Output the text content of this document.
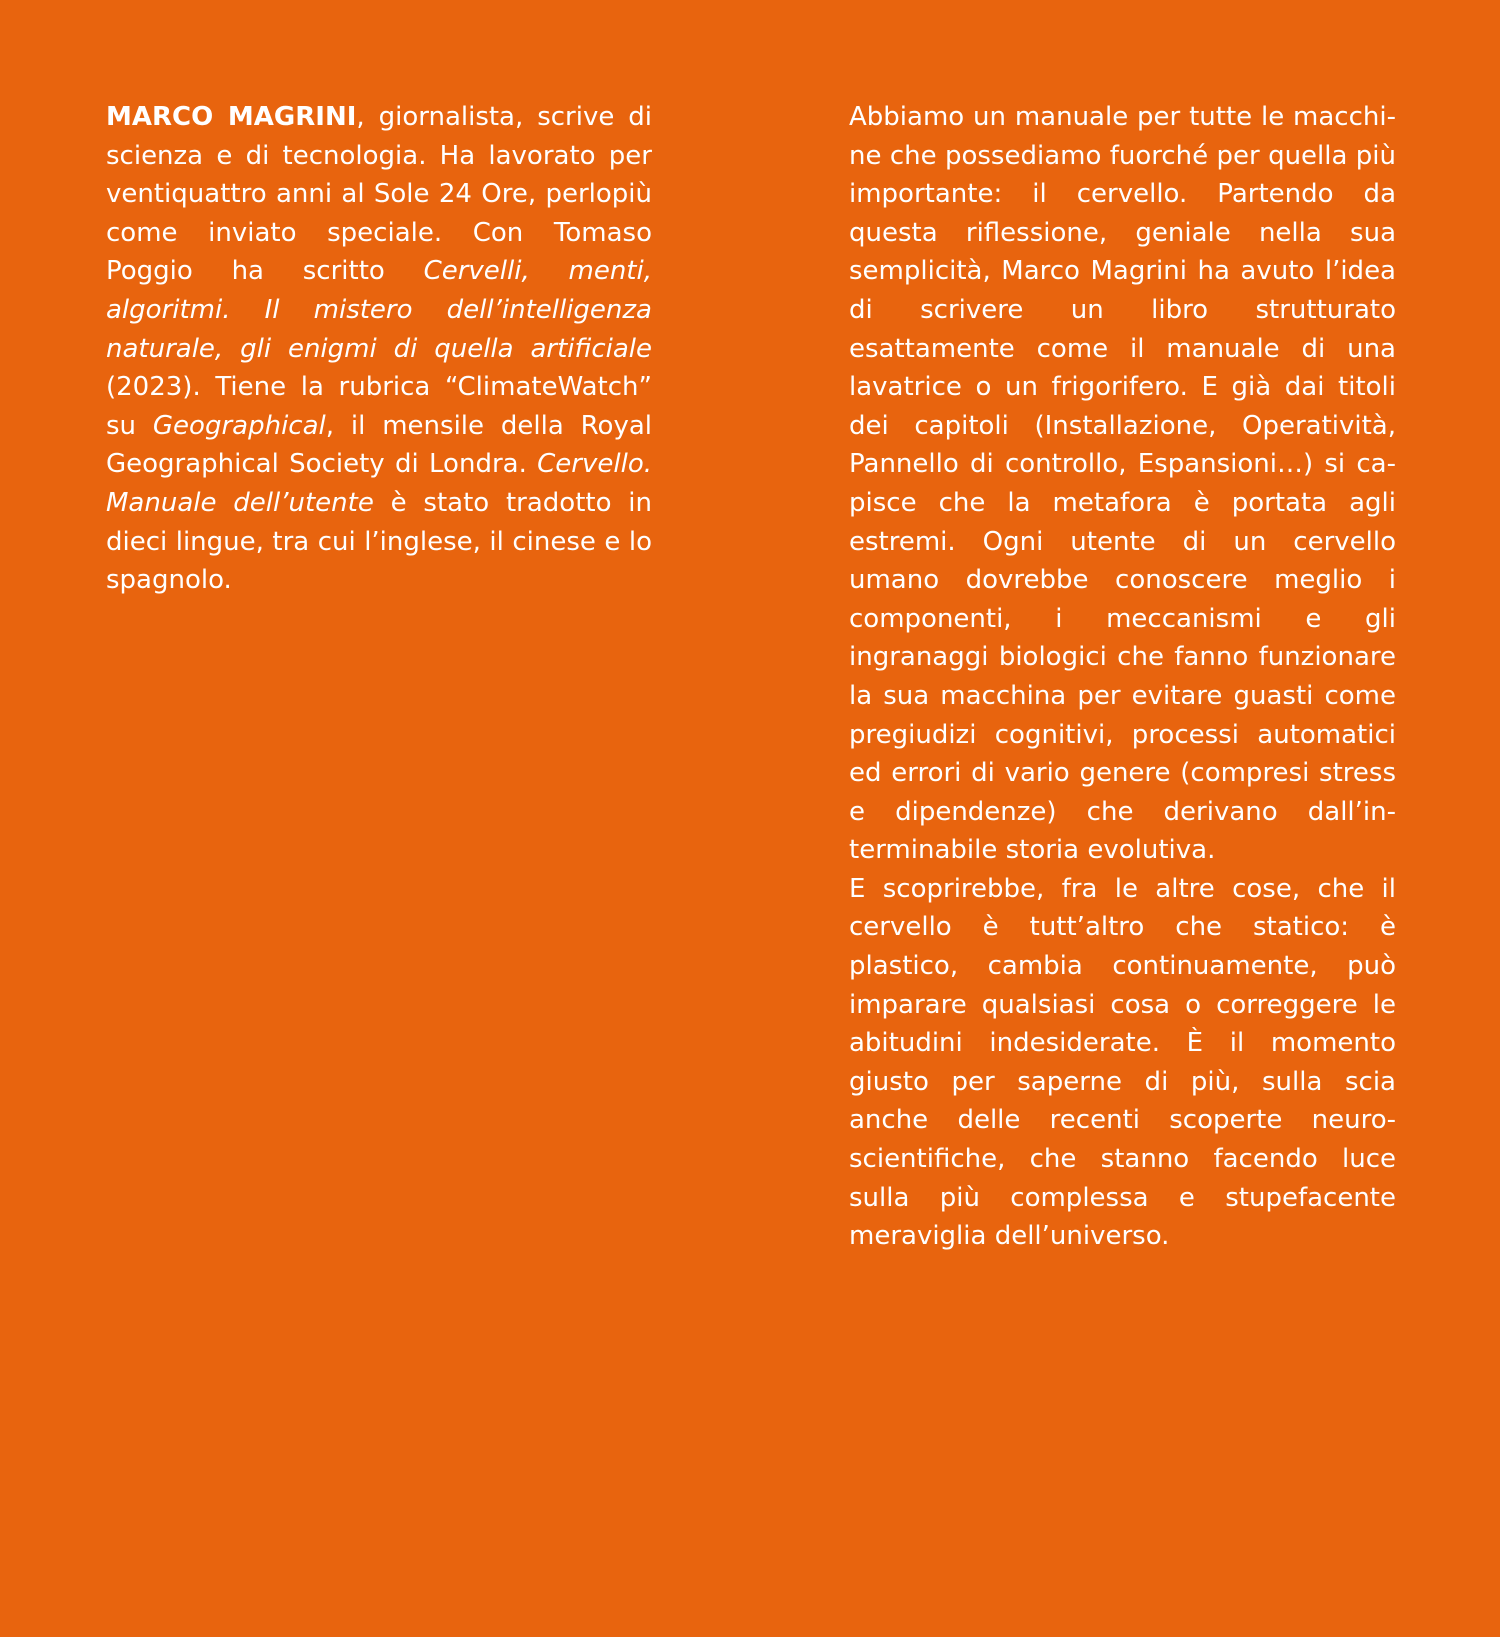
MARCO MAGRINI, giornalista, scrive di scienza e di tecnologia. Ha lavorato per ventiquattro anni al Sole 24 Ore, perlopiù come inviato speciale. Con Tomaso Poggio ha scritto Cervelli, menti, algoritmi. Il mistero dell’intelligenza naturale, gli enigmi di quella artificiale (2023). Tiene la rubrica “ClimateWatch” su Geographical, il mensile della Royal Geographical Society di Londra. Cervello. Manuale dell’utente è stato tradotto in dieci lingue, tra cui l’inglese, il cinese e lo spagnolo.

Abbiamo un manuale per tutte le macchine che possediamo fuorché per quella più importante: il cervello. Partendo da questa riflessione, geniale nella sua semplicità, Marco Magrini ha avuto l’idea di scrivere un libro strutturato esattamente come il manuale di una lavatrice o un frigorifero. E già dai titoli dei capitoli (Installazione, Operatività, Pannello di controllo, Espansioni…) si capisce che la metafora è portata agli estremi. Ogni utente di un cervello umano dovrebbe conoscere meglio i componenti, i meccanismi e gli ingranaggi biologici che fanno funzionare la sua macchina per evitare guasti come pregiudizi cognitivi, processi automatici ed errori di vario genere (compresi stress e dipendenze) che derivano dall’interminabile storia evolutiva.

E scoprirebbe, fra le altre cose, che il cervello è tutt’altro che statico: è plastico, cambia continuamente, può imparare qualsiasi cosa o correggere le abitudini indesiderate. È il momento giusto per saperne di più, sulla scia anche delle recenti scoperte neuroscientifiche, che stanno facendo luce sulla più complessa e stupefacente meraviglia dell’universo.
